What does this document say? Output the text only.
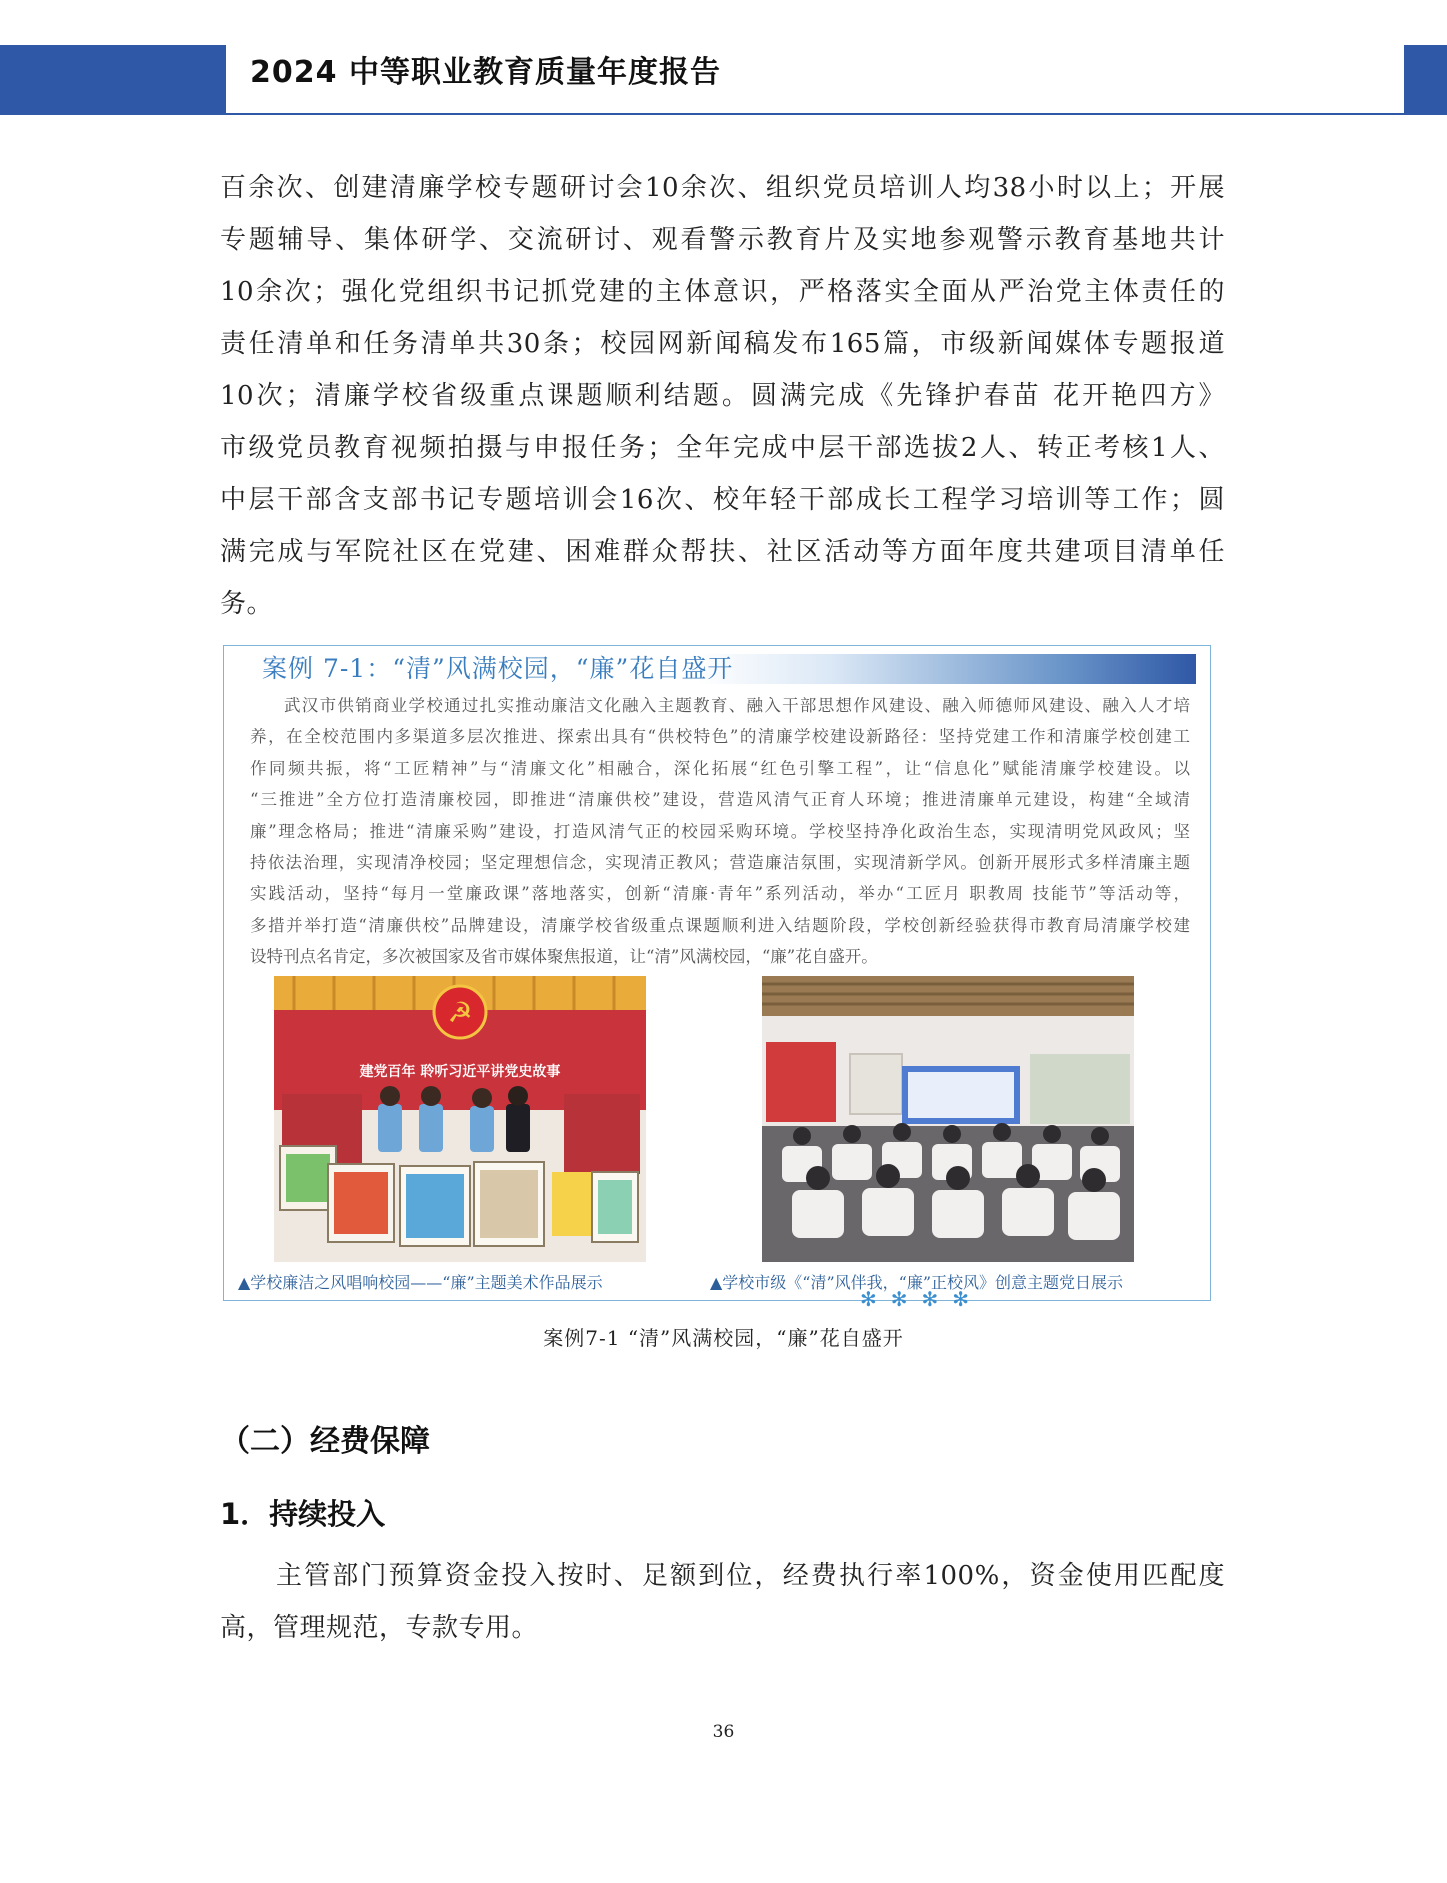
2024 中等职业教育质量年度报告
百余次、创建清廉学校专题研讨会10余次、组织党员培训人均38小时以上；开展
专题辅导、集体研学、交流研讨、观看警示教育片及实地参观警示教育基地共计
10余次；强化党组织书记抓党建的主体意识，严格落实全面从严治党主体责任的
责任清单和任务清单共30条；校园网新闻稿发布165篇，市级新闻媒体专题报道
10次；清廉学校省级重点课题顺利结题。圆满完成《先锋护春苗 花开艳四方》
市级党员教育视频拍摄与申报任务；全年完成中层干部选拔2人、转正考核1人、
中层干部含支部书记专题培训会16次、校年轻干部成长工程学习培训等工作；圆
满完成与军院社区在党建、困难群众帮扶、社区活动等方面年度共建项目清单任
务。
案例 7-1：“清”风满校园，“廉”花自盛开
武汉市供销商业学校通过扎实推动廉洁文化融入主题教育、融入干部思想作风建设、融入师德师风建设、融入人才培
养，在全校范围内多渠道多层次推进、探索出具有“供校特色”的清廉学校建设新路径：坚持党建工作和清廉学校创建工
作同频共振，将“工匠精神”与“清廉文化”相融合，深化拓展“红色引擎工程”，让“信息化”赋能清廉学校建设。以
“三推进”全方位打造清廉校园，即推进“清廉供校”建设，营造风清气正育人环境；推进清廉单元建设，构建“全域清
廉”理念格局；推进“清廉采购”建设，打造风清气正的校园采购环境。学校坚持净化政治生态，实现清明党风政风；坚
持依法治理，实现清净校园；坚定理想信念，实现清正教风；营造廉洁氛围，实现清新学风。创新开展形式多样清廉主题
实践活动，坚持“每月一堂廉政课”落地落实，创新“清廉·青年”系列活动，举办“工匠月 职教周 技能节”等活动等，
多措并举打造“清廉供校”品牌建设，清廉学校省级重点课题顺利进入结题阶段，学校创新经验获得市教育局清廉学校建
设特刊点名肯定，多次被国家及省市媒体聚焦报道，让“清”风满校园，“廉”花自盛开。
☭
建党百年 聆听习近平讲党史故事
▲学校廉洁之风唱响校园——“廉”主题美术作品展示	▲学校市级《“清”风伴我，“廉”正校风》创意主题党日展示
✻✻✻✻
案例7-1 “清”风满校园，“廉”花自盛开
（二）经费保障
1．持续投入
主管部门预算资金投入按时、足额到位，经费执行率100%，资金使用匹配度
高，管理规范，专款专用。
36
